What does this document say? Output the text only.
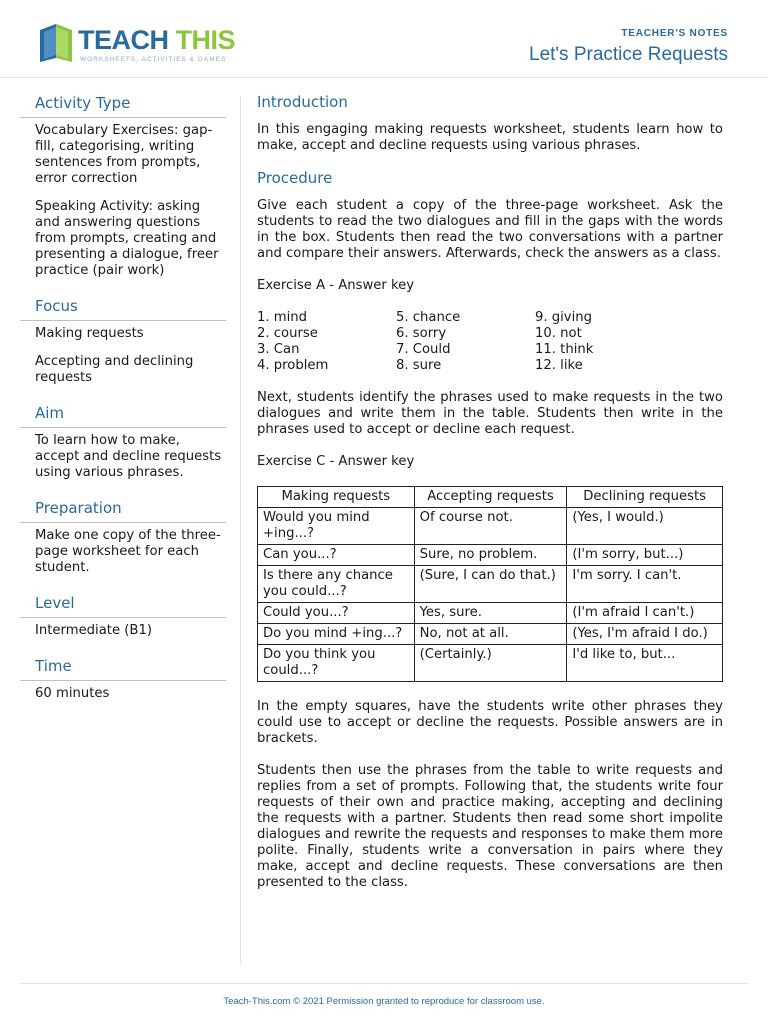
TEACH THIS
WORKSHEETS, ACTIVITIES & GAMES
TEACHER'S NOTES
Let's Practice Requests
Activity Type

Vocabulary Exercises: gap-fill, categorising, writing sentences from prompts, error correction

Speaking Activity: asking and answering questions from prompts, creating and presenting a dialogue, freer practice (pair work)

Focus

Making requests

Accepting and declining requests

Aim

To learn how to make, accept and decline requests using various phrases.

Preparation

Make one copy of the three-page worksheet for each student.

Level

Intermediate (B1)

Time

60 minutes

Introduction

In this engaging making requests worksheet, students learn how to make, accept and decline requests using various phrases.

Procedure

Give each student a copy of the three-page worksheet. Ask the students to read the two dialogues and fill in the gaps with the words in the box. Students then read the two conversations with a partner and compare their answers. Afterwards, check the answers as a class.

Exercise A - Answer key

1. mind	5. chance	9. giving
2. course	6. sorry	10. not
3. Can	7. Could	11. think
4. problem	8. sure	12. like

Next, students identify the phrases used to make requests in the two dialogues and write them in the table. Students then write in the phrases used to accept or decline each request.

Exercise C - Answer key

Making requests	Accepting requests	Declining requests
Would you mind +ing...?	Of course not.	(Yes, I would.)
Can you...?	Sure, no problem.	(I'm sorry, but...)
Is there any chance you could...?	(Sure, I can do that.)	I'm sorry. I can't.
Could you...?	Yes, sure.	(I'm afraid I can't.)
Do you mind +ing...?	No, not at all.	(Yes, I'm afraid I do.)
Do you think you could...?	(Certainly.)	I'd like to, but...

In the empty squares, have the students write other phrases they could use to accept or decline the requests. Possible answers are in brackets.

Students then use the phrases from the table to write requests and replies from a set of prompts. Following that, the students write four requests of their own and practice making, accepting and declining the requests with a partner. Students then read some short impolite dialogues and rewrite the requests and responses to make them more polite. Finally, students write a conversation in pairs where they make, accept and decline requests. These conversations are then presented to the class.

Teach-This.com © 2021 Permission granted to reproduce for classroom use.
